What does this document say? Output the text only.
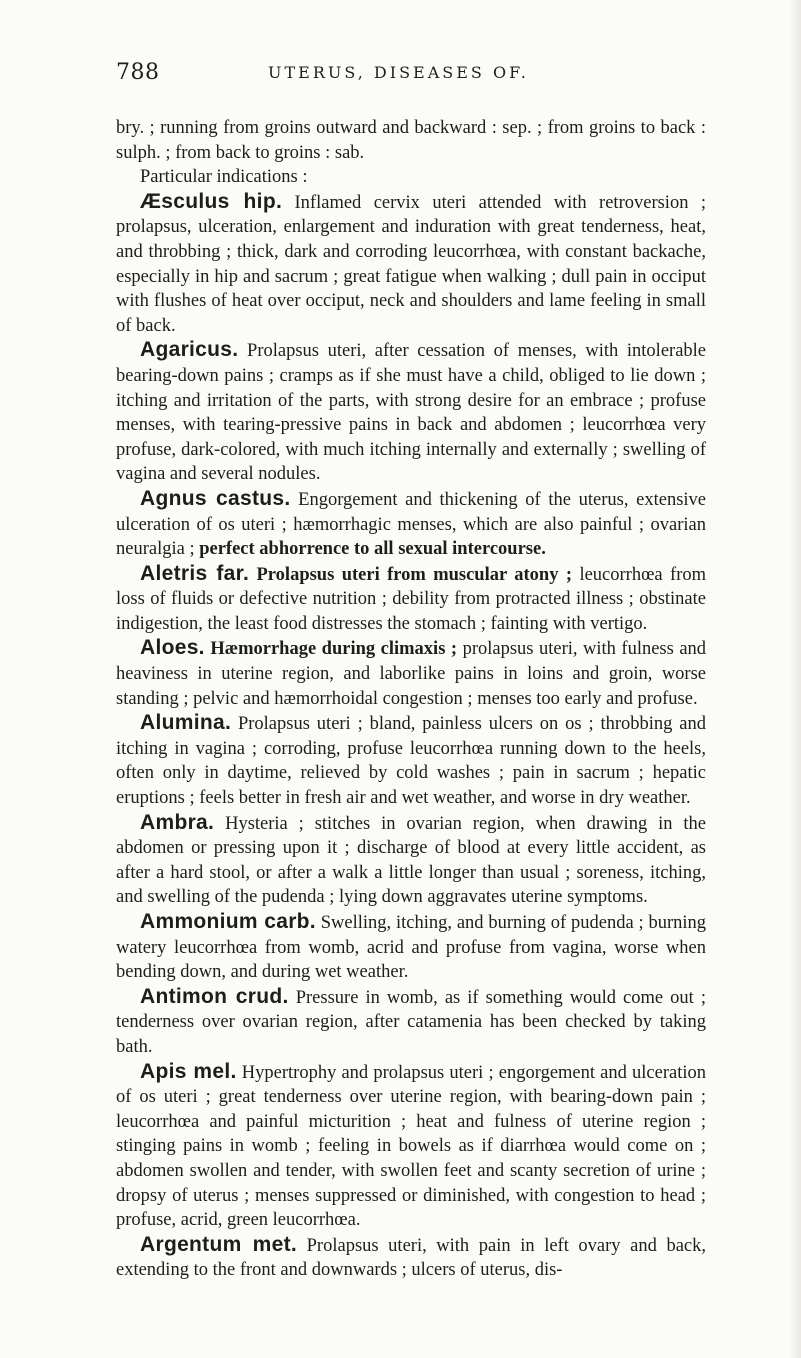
788	UTERUS, DISEASES OF.

bry. ; running from groins outward and backward : sep. ; from groins to back : sulph. ; from back to groins : sab.

Particular indications :

Æsculus hip. Inflamed cervix uteri attended with retroversion ; prolapsus, ulceration, enlargement and induration with great tenderness, heat, and throbbing ; thick, dark and corroding leucorrhœa, with constant backache, especially in hip and sacrum ; great fatigue when walking ; dull pain in occiput with flushes of heat over occiput, neck and shoulders and lame feeling in small of back.

Agaricus. Prolapsus uteri, after cessation of menses, with intolerable bearing-down pains ; cramps as if she must have a child, obliged to lie down ; itching and irritation of the parts, with strong desire for an embrace ; profuse menses, with tearing-pressive pains in back and abdomen ; leucorrhœa very profuse, dark-colored, with much itching internally and externally ; swelling of vagina and several nodules.

Agnus castus. Engorgement and thickening of the uterus, extensive ulceration of os uteri ; hæmorrhagic menses, which are also painful ; ovarian neuralgia ; perfect abhorrence to all sexual intercourse.

Aletris far. Prolapsus uteri from muscular atony ; leucorrhœa from loss of fluids or defective nutrition ; debility from protracted illness ; obstinate indigestion, the least food distresses the stomach ; fainting with vertigo.

Aloes. Hæmorrhage during climaxis ; prolapsus uteri, with fulness and heaviness in uterine region, and laborlike pains in loins and groin, worse standing ; pelvic and hæmorrhoidal congestion ; menses too early and profuse.

Alumina. Prolapsus uteri ; bland, painless ulcers on os ; throbbing and itching in vagina ; corroding, profuse leucorrhœa running down to the heels, often only in daytime, relieved by cold washes ; pain in sacrum ; hepatic eruptions ; feels better in fresh air and wet weather, and worse in dry weather.

Ambra. Hysteria ; stitches in ovarian region, when drawing in the abdomen or pressing upon it ; discharge of blood at every little accident, as after a hard stool, or after a walk a little longer than usual ; soreness, itching, and swelling of the pudenda ; lying down aggravates uterine symptoms.

Ammonium carb. Swelling, itching, and burning of pudenda ; burning watery leucorrhœa from womb, acrid and profuse from vagina, worse when bending down, and during wet weather.

Antimon crud. Pressure in womb, as if something would come out ; tenderness over ovarian region, after catamenia has been checked by taking bath.

Apis mel. Hypertrophy and prolapsus uteri ; engorgement and ulceration of os uteri ; great tenderness over uterine region, with bearing-down pain ; leucorrhœa and painful micturition ; heat and fulness of uterine region ; stinging pains in womb ; feeling in bowels as if diarrhœa would come on ; abdomen swollen and tender, with swollen feet and scanty secretion of urine ; dropsy of uterus ; menses suppressed or diminished, with congestion to head ; profuse, acrid, green leucorrhœa.

Argentum met. Prolapsus uteri, with pain in left ovary and back, extending to the front and downwards ; ulcers of uterus, dis-
